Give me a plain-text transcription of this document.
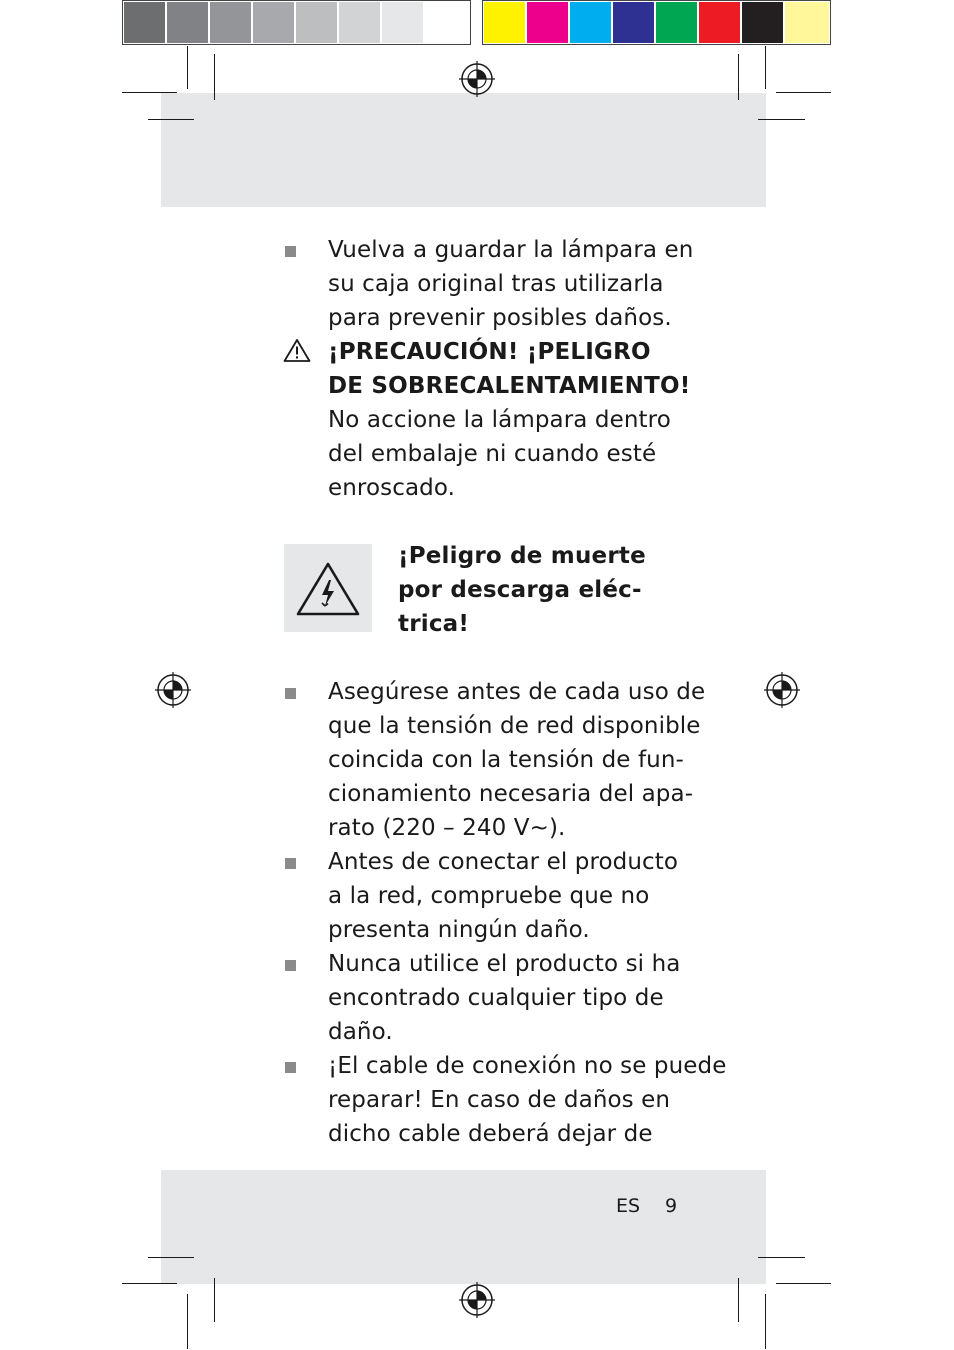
Vuelva a guardar la lámpara en
su caja original tras utilizarla
para prevenir posibles daños.
¡PRECAUCIÓN! ¡PELIGRO
DE SOBRECALENTAMIENTO!
No accione la lámpara dentro
del embalaje ni cuando esté
enroscado.
¡Peligro de muerte
por descarga eléc-
trica!
Asegúrese antes de cada uso de
que la tensión de red disponible
coincida con la tensión de fun-
cionamiento necesaria del apa-
rato (220 – 240 V~).
Antes de conectar el producto
a la red, compruebe que no
presenta ningún daño.
Nunca utilice el producto si ha
encontrado cualquier tipo de
daño.
¡El cable de conexión no se puede
reparar! En caso de daños en
dicho cable deberá dejar de
ES 9
